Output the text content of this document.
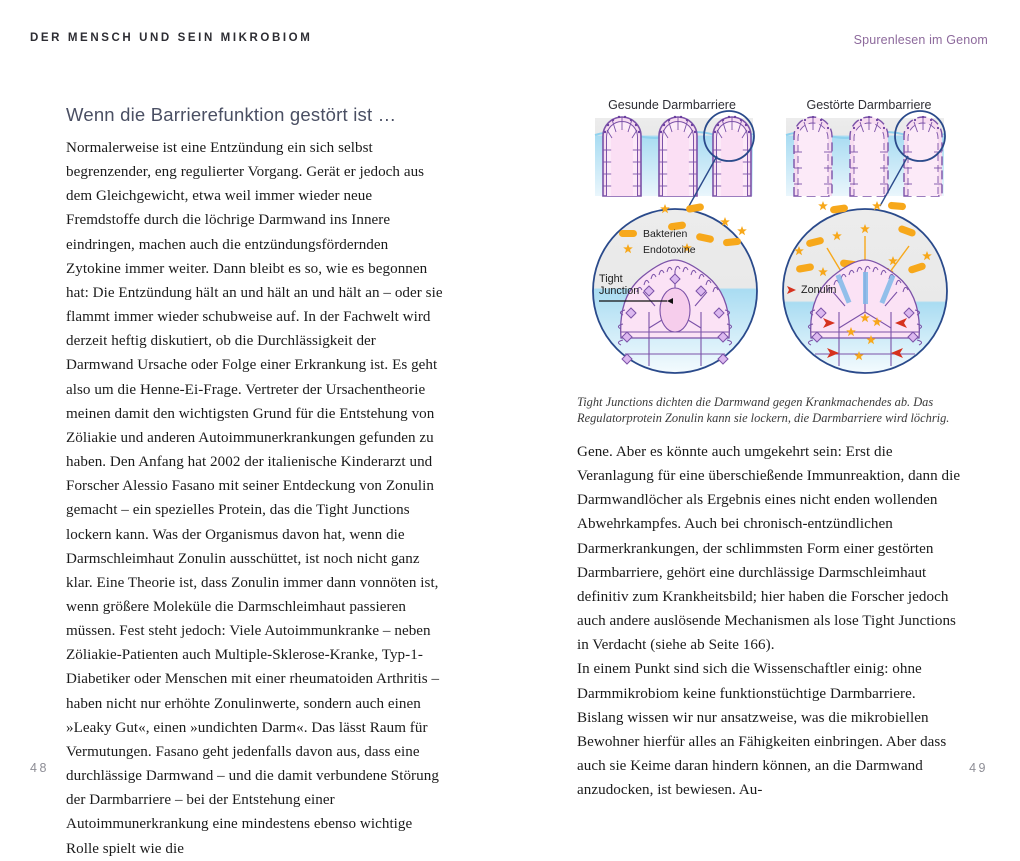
DER MENSCH UND SEIN MIKROBIOM
Wenn die Barrierefunktion gestört ist …

Normalerweise ist eine Entzündung ein sich selbst begrenzender, eng regulierter Vorgang. Gerät er jedoch aus dem Gleichgewicht, etwa weil immer wieder neue Fremdstoffe durch die löchrige Darmwand ins Innere eindringen, machen auch die entzündungsfördernden Zytokine immer weiter. Dann bleibt es so, wie es begonnen hat: Die Entzündung hält an und hält an und hält an – oder sie flammt immer wieder schubweise auf. In der Fachwelt wird derzeit heftig diskutiert, ob die Durchlässigkeit der Darmwand Ursache oder Folge einer Erkrankung ist. Es geht also um die Henne-Ei-Frage. Vertreter der Ursachentheorie meinen damit den wichtigsten Grund für die Entstehung von Zöliakie und anderen Autoimmunerkrankungen gefunden zu haben. Den Anfang hat 2002 der italienische Kinderarzt und Forscher Alessio Fasano mit seiner Entdeckung von Zonulin gemacht – ein spezielles Protein, das die Tight Junctions lockern kann. Was der Organismus davon hat, wenn die Darmschleimhaut Zonulin ausschüttet, ist noch nicht ganz klar. Eine Theorie ist, dass Zonulin immer dann vonnöten ist, wenn größere Moleküle die Darmschleimhaut passieren müssen. Fest steht jedoch: Viele Autoimmunkranke – neben Zöliakie-Patienten auch Multiple-Sklerose-Kranke, Typ-1-Diabetiker oder Menschen mit einer rheumatoiden Arthritis – haben nicht nur erhöhte Zonulinwerte, sondern auch einen »Leaky Gut«, einen »undichten Darm«. Das lässt Raum für Vermutungen. Fasano geht jedenfalls davon aus, dass eine durchlässige Darmwand – und die damit verbundene Störung der Darmbarriere – bei der Entstehung einer Autoimmunerkrankung eine mindestens ebenso wichtige Rolle spielt wie die

48
Spurenlesen im Genom
Gesunde Darmbarriere	Gestörte Darmbarriere
Bakterien
Endotoxine
Tight
Junction	Zonulin

Tight Junctions dichten die Darmwand gegen Krankmachendes ab. Das Regulatorprotein Zonulin kann sie lockern, die Darmbarriere wird löchrig.

Gene. Aber es könnte auch umgekehrt sein: Erst die Veranlagung für eine überschießende Immunreaktion, dann die Darmwandlöcher als Ergebnis eines nicht enden wollenden Abwehrkampfes. Auch bei chronisch-entzündlichen Darmerkrankungen, der schlimmsten Form einer gestörten Darmbarriere, gehört eine durchlässige Darmschleimhaut definitiv zum Krankheitsbild; hier haben die Forscher jedoch auch andere auslösende Mechanismen als lose Tight Junctions in Verdacht (siehe ab Seite 166).

In einem Punkt sind sich die Wissenschaftler einig: ohne Darmmikrobiom keine funktionstüchtige Darmbarriere. Bislang wissen wir nur ansatzweise, was die mikrobiellen Bewohner hierfür alles an Fähigkeiten einbringen. Aber dass auch sie Keime daran hindern können, an die Darmwand anzudocken, ist bewiesen. Au-

49
